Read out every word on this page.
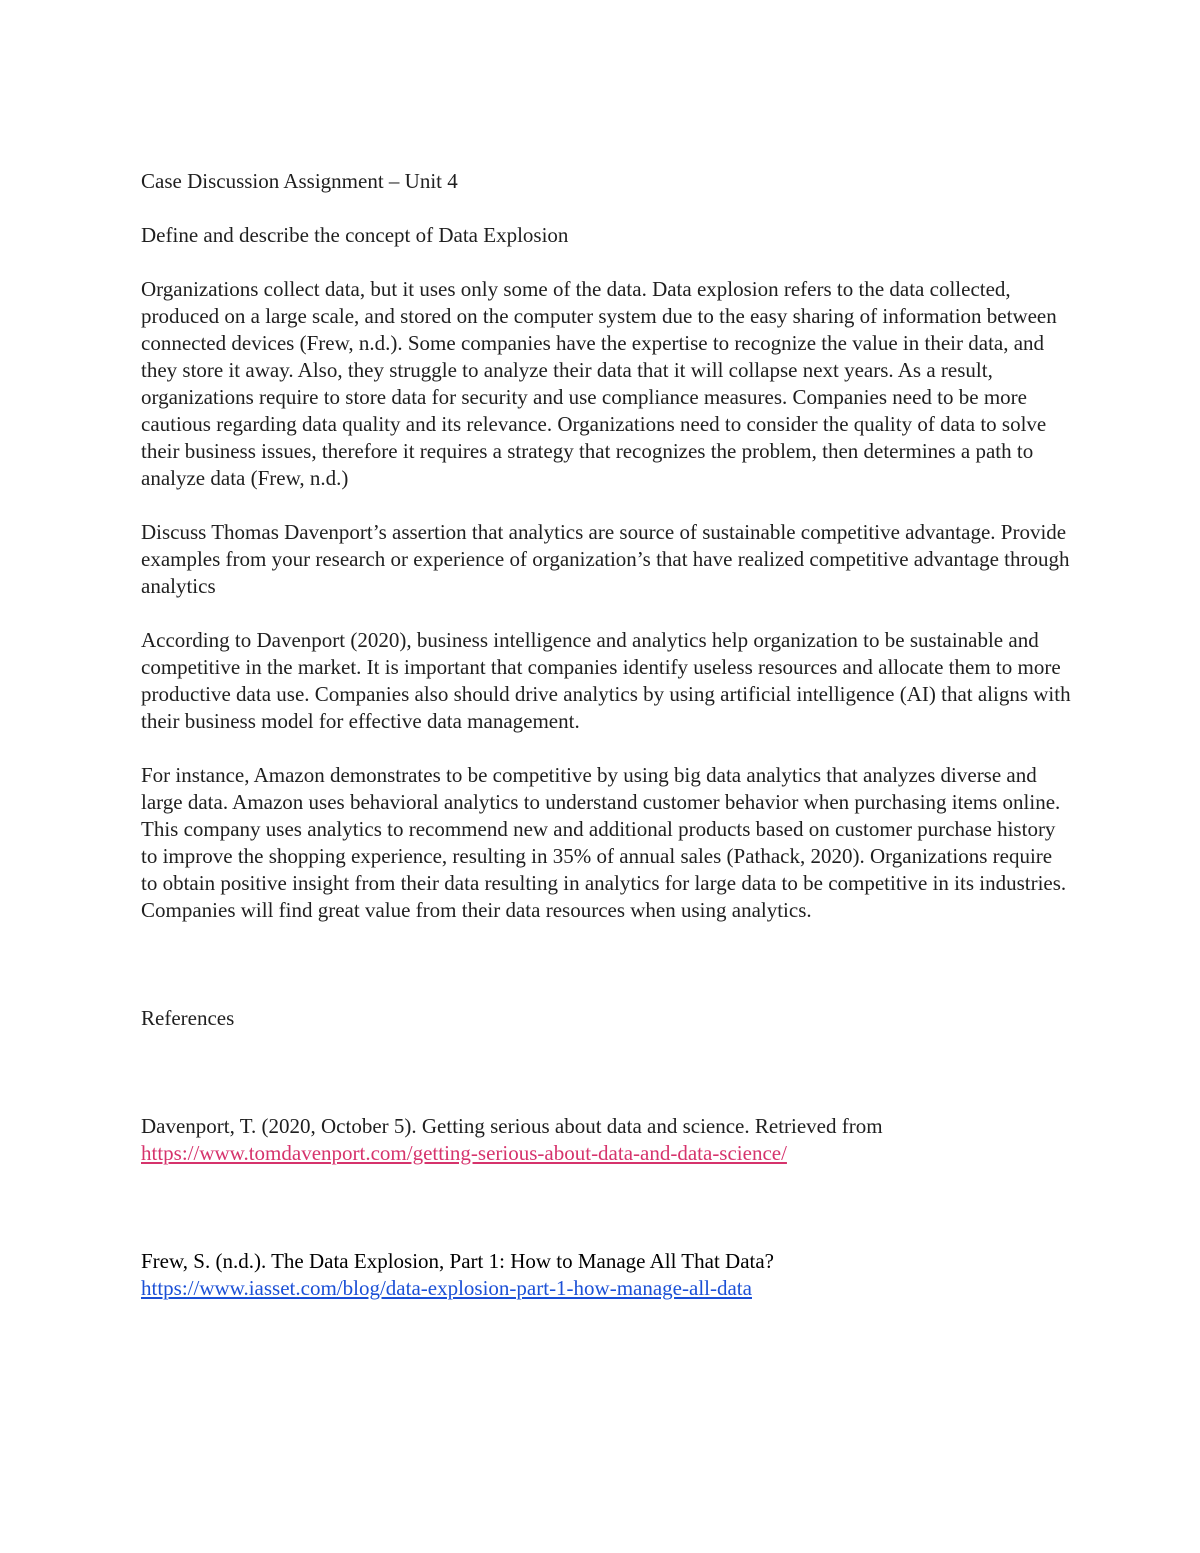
Case Discussion Assignment – Unit 4

Define and describe the concept of Data Explosion

Organizations collect data, but it uses only some of the data. Data explosion refers to the data collected, produced on a large scale, and stored on the computer system due to the easy sharing of information between connected devices (Frew, n.d.). Some companies have the expertise to recognize the value in their data, and they store it away. Also, they struggle to analyze their data that it will collapse next years. As a result, organizations require to store data for security and use compliance measures. Companies need to be more cautious regarding data quality and its relevance. Organizations need to consider the quality of data to solve their business issues, therefore it requires a strategy that recognizes the problem, then determines a path to analyze data (Frew, n.d.)

Discuss Thomas Davenport’s assertion that analytics are source of sustainable competitive advantage. Provide examples from your research or experience of organization’s that have realized competitive advantage through analytics

According to Davenport (2020), business intelligence and analytics help organization to be sustainable and competitive in the market. It is important that companies identify useless resources and allocate them to more productive data use. Companies also should drive analytics by using artificial intelligence (AI) that aligns with their business model for effective data management.

For instance, Amazon demonstrates to be competitive by using big data analytics that analyzes diverse and large data. Amazon uses behavioral analytics to understand customer behavior when purchasing items online. This company uses analytics to recommend new and additional products based on customer purchase history to improve the shopping experience, resulting in 35% of annual sales (Pathack, 2020). Organizations require to obtain positive insight from their data resulting in analytics for large data to be competitive in its industries. Companies will find great value from their data resources when using analytics.

References

Davenport, T. (2020, October 5). Getting serious about data and science. Retrieved from https://www.tomdavenport.com/getting-serious-about-data-and-data-science/

Frew, S. (n.d.). The Data Explosion, Part 1: How to Manage All That Data?
https://www.iasset.com/blog/data-explosion-part-1-how-manage-all-data
